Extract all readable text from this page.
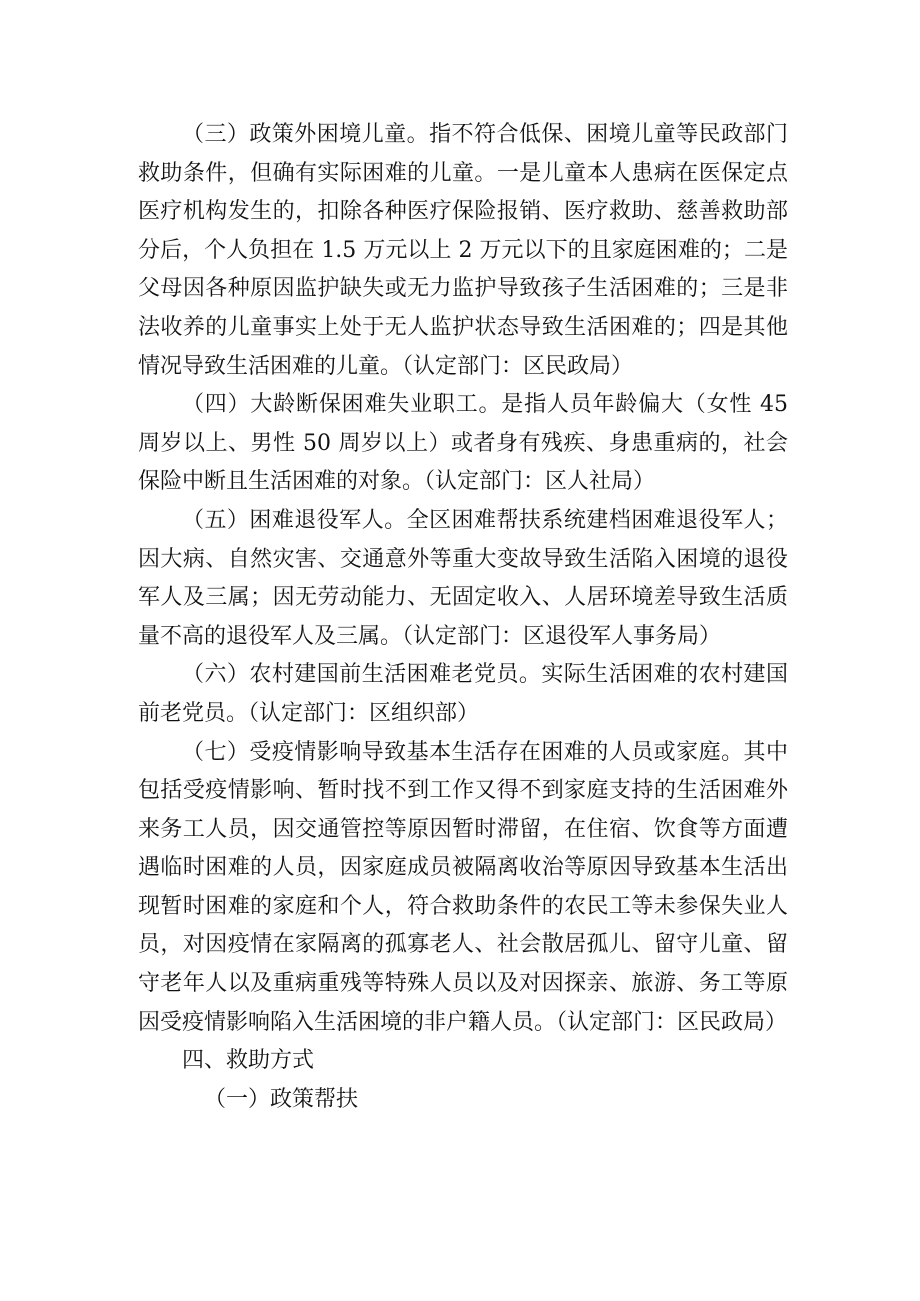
（三）政策外困境儿童。指不符合低保、困境儿童等民政部门救助条件，但确有实际困难的儿童。一是儿童本人患病在医保定点医疗机构发生的，扣除各种医疗保险报销、医疗救助、慈善救助部分后，个人负担在 1.5 万元以上 2 万元以下的且家庭困难的；二是父母因各种原因监护缺失或无力监护导致孩子生活困难的；三是非法收养的儿童事实上处于无人监护状态导致生活困难的；四是其他情况导致生活困难的儿童。（认定部门：区民政局）

（四）大龄断保困难失业职工。是指人员年龄偏大（女性 45 周岁以上、男性 50 周岁以上）或者身有残疾、身患重病的，社会保险中断且生活困难的对象。（认定部门：区人社局）

（五）困难退役军人。全区困难帮扶系统建档困难退役军人；因大病、自然灾害、交通意外等重大变故导致生活陷入困境的退役军人及三属；因无劳动能力、无固定收入、人居环境差导致生活质量不高的退役军人及三属。（认定部门：区退役军人事务局）

（六）农村建国前生活困难老党员。实际生活困难的农村建国前老党员。（认定部门：区组织部）

（七）受疫情影响导致基本生活存在困难的人员或家庭。其中包括受疫情影响、暂时找不到工作又得不到家庭支持的生活困难外来务工人员，因交通管控等原因暂时滞留，在住宿、饮食等方面遭遇临时困难的人员，因家庭成员被隔离收治等原因导致基本生活出现暂时困难的家庭和个人，符合救助条件的农民工等未参保失业人员，对因疫情在家隔离的孤寡老人、社会散居孤儿、留守儿童、留守老年人以及重病重残等特殊人员以及对因探亲、旅游、务工等原因受疫情影响陷入生活困境的非户籍人员。（认定部门：区民政局）

四、救助方式

（一）政策帮扶
